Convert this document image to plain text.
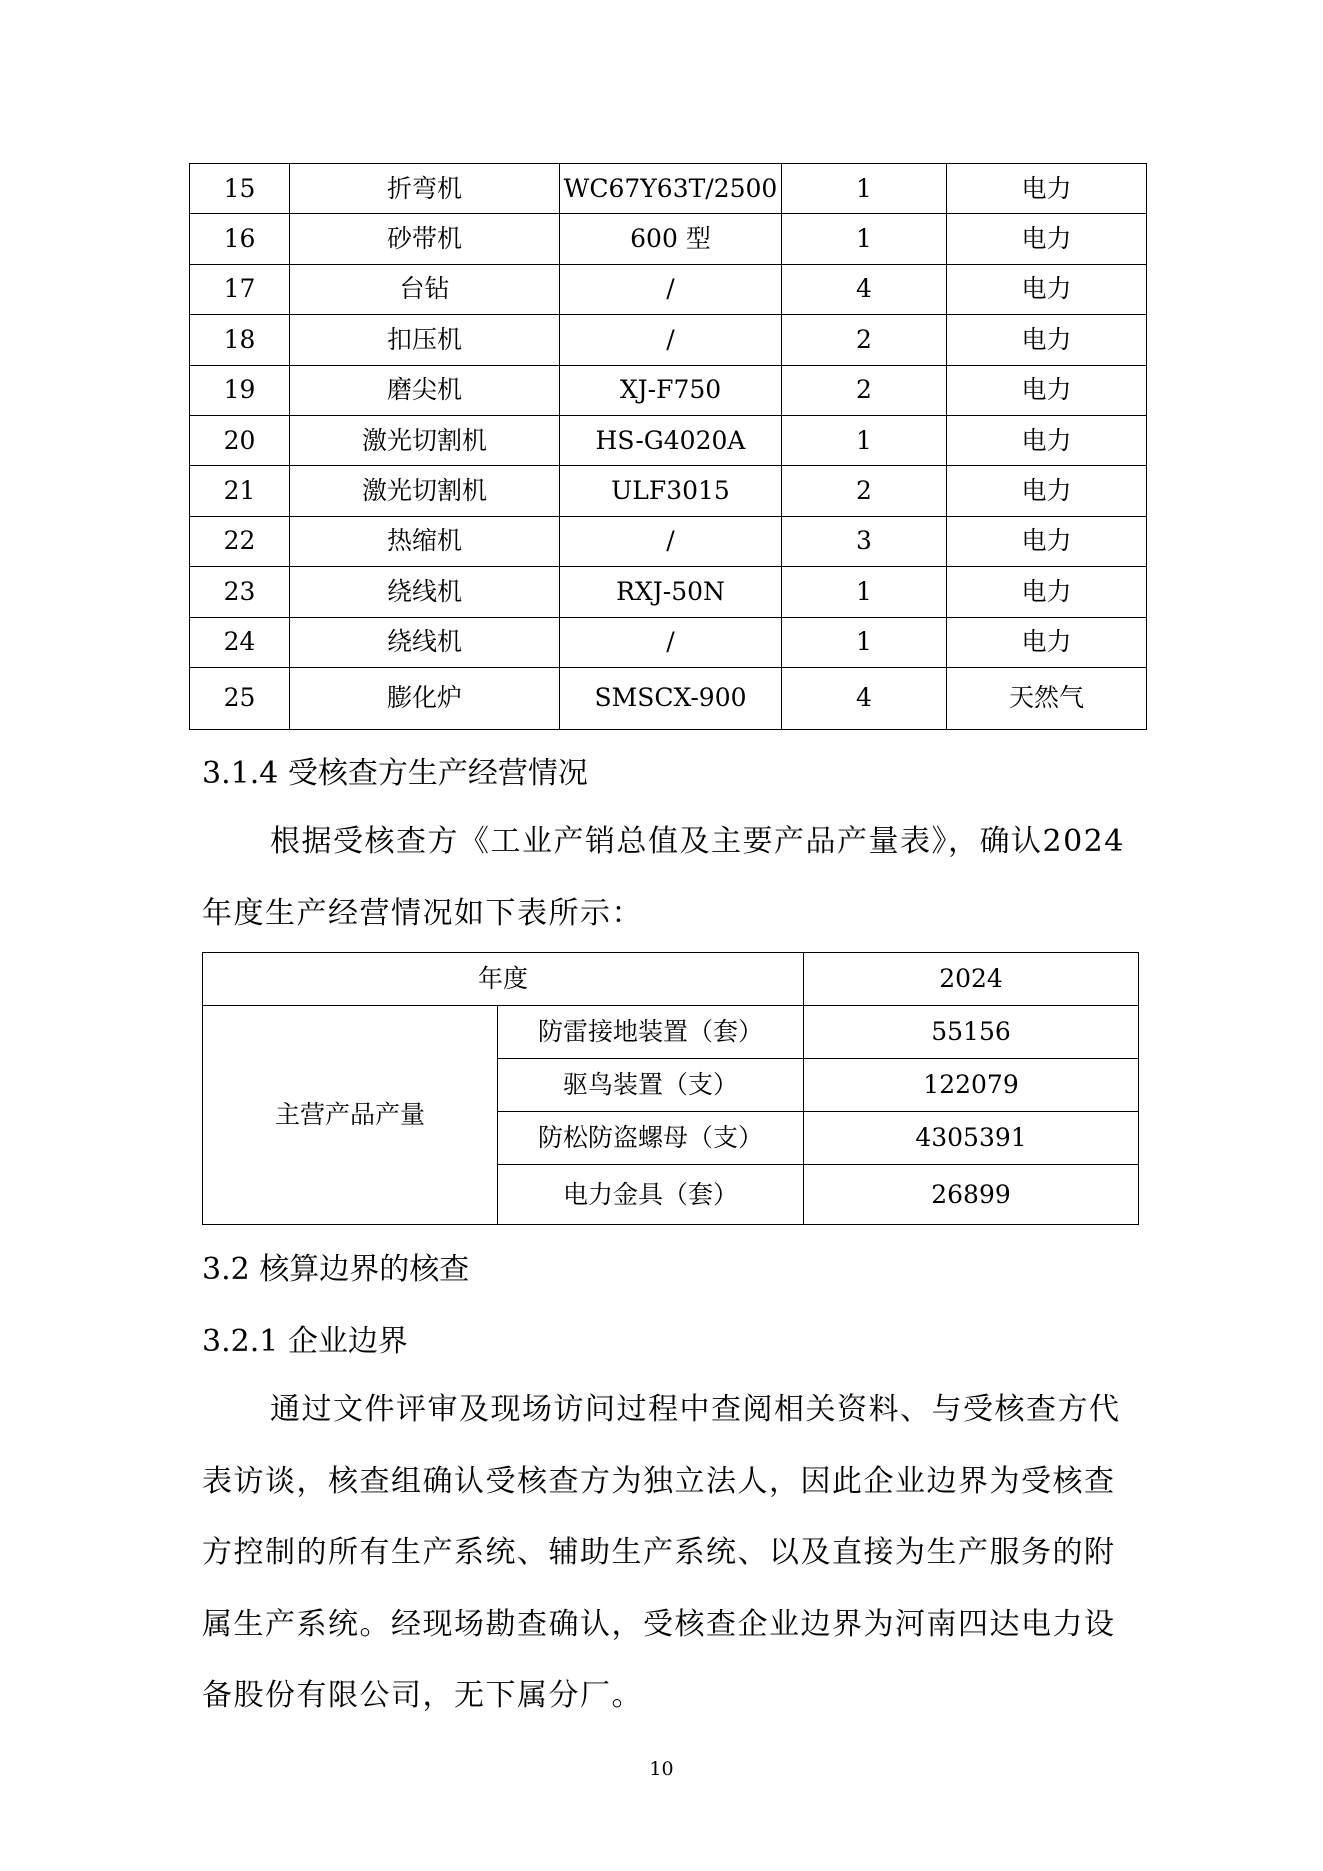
15	折弯机	WC67Y63T/2500	1	电力
16	砂带机	600 型	1	电力
17	台钻	/	4	电力
18	扣压机	/	2	电力
19	磨尖机	XJ-F750	2	电力
20	激光切割机	HS-G4020A	1	电力
21	激光切割机	ULF3015	2	电力
22	热缩机	/	3	电力
23	绕线机	RXJ-50N	1	电力
24	绕线机	/	1	电力
25	膨化炉	SMSCX-900	4	天然气
3.1.4 受核查方生产经营情况

根据受核查方《工业产销总值及主要产品产量表》，确认2024 年度生产经营情况如下表所示：

年度		2024
主营产品产量	防雷接地装置（套）	55156
	驱鸟装置（支）	122079
	防松防盗螺母（支）	4305391
	电力金具（套）	26899
3.2 核算边界的核查
3.2.1 企业边界

通过文件评审及现场访问过程中查阅相关资料、与受核查方代表访谈，核查组确认受核查方为独立法人，因此企业边界为受核查方控制的所有生产系统、辅助生产系统、以及直接为生产服务的附属生产系统。经现场勘查确认，受核查企业边界为河南四达电力设备股份有限公司，无下属分厂。

10
